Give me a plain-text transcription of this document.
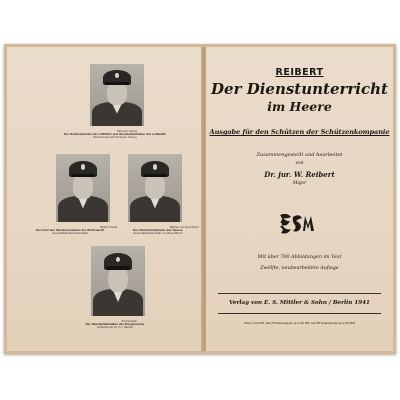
Hermann Göring
Der Reichsminister der Luftfahrt und Oberbefehlshaber der Luftwaffe
Reichsmarschall Hermann Göring
Wilhelm Keitel
Der Chef des Oberkommandos der Wehrmacht
Generalfeldmarschall Keitel
Walther von Brauchitsch
Der Oberbefehlshaber des Heeres
Generalfeldmarschall von Brauchitsch
Erich Raeder
Der Oberbefehlshaber der Kriegsmarine
Großadmiral Dr. h.c. Raeder
REIBERT
Der Dienstunterricht
im Heere
Ausgabe für den Schützen der Schützenkompanie
Zusammengestellt und bearbeitet
von
Dr. jur. W. Reibert
Major
ESM
Mit über 700 Abbildungen im Text
Zwölfte, neubearbeitete Auflage
Verlag von E. S. Mittler & Sohn / Berlin 1941
Preis 2,50 RM, bei 25 Exemplaren je 2,40 RM, bei 50 Exemplaren je 2,30 RM
